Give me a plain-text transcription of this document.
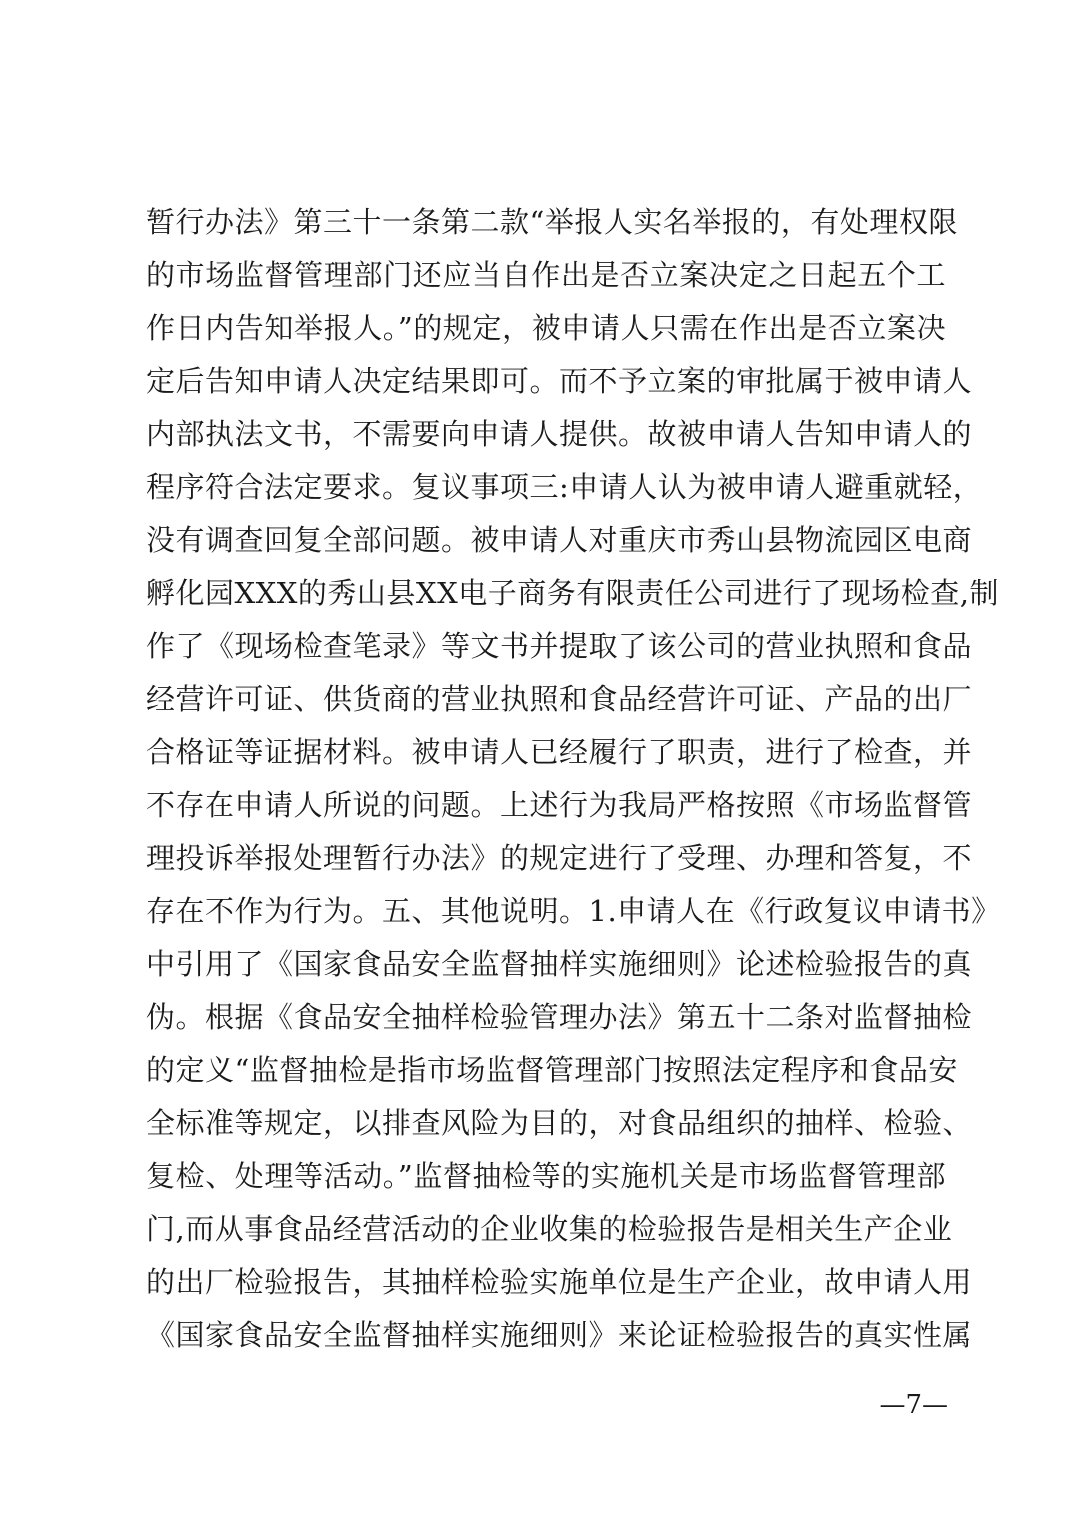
暂行办法》第三十一条第二款“举报人实名举报的，有处理权限
的市场监督管理部门还应当自作出是否立案决定之日起五个工
作日内告知举报人。”的规定，被申请人只需在作出是否立案决
定后告知申请人决定结果即可。而不予立案的审批属于被申请人
内部执法文书，不需要向申请人提供。故被申请人告知申请人的
程序符合法定要求。复议事项三:申请人认为被申请人避重就轻，
没有调查回复全部问题。被申请人对重庆市秀山县物流园区电商
孵化园XXX的秀山县XX电子商务有限责任公司进行了现场检查,制
作了《现场检查笔录》等文书并提取了该公司的营业执照和食品
经营许可证、供货商的营业执照和食品经营许可证、产品的出厂
合格证等证据材料。被申请人已经履行了职责，进行了检查，并
不存在申请人所说的问题。上述行为我局严格按照《市场监督管
理投诉举报处理暂行办法》的规定进行了受理、办理和答复，不
存在不作为行为。五、其他说明。1.申请人在《行政复议申请书》
中引用了《国家食品安全监督抽样实施细则》论述检验报告的真
伪。根据《食品安全抽样检验管理办法》第五十二条对监督抽检
的定义“监督抽检是指市场监督管理部门按照法定程序和食品安
全标准等规定，以排查风险为目的，对食品组织的抽样、检验、
复检、处理等活动。”监督抽检等的实施机关是市场监督管理部
门,而从事食品经营活动的企业收集的检验报告是相关生产企业
的出厂检验报告，其抽样检验实施单位是生产企业，故申请人用
《国家食品安全监督抽样实施细则》来论证检验报告的真实性属
—7—
